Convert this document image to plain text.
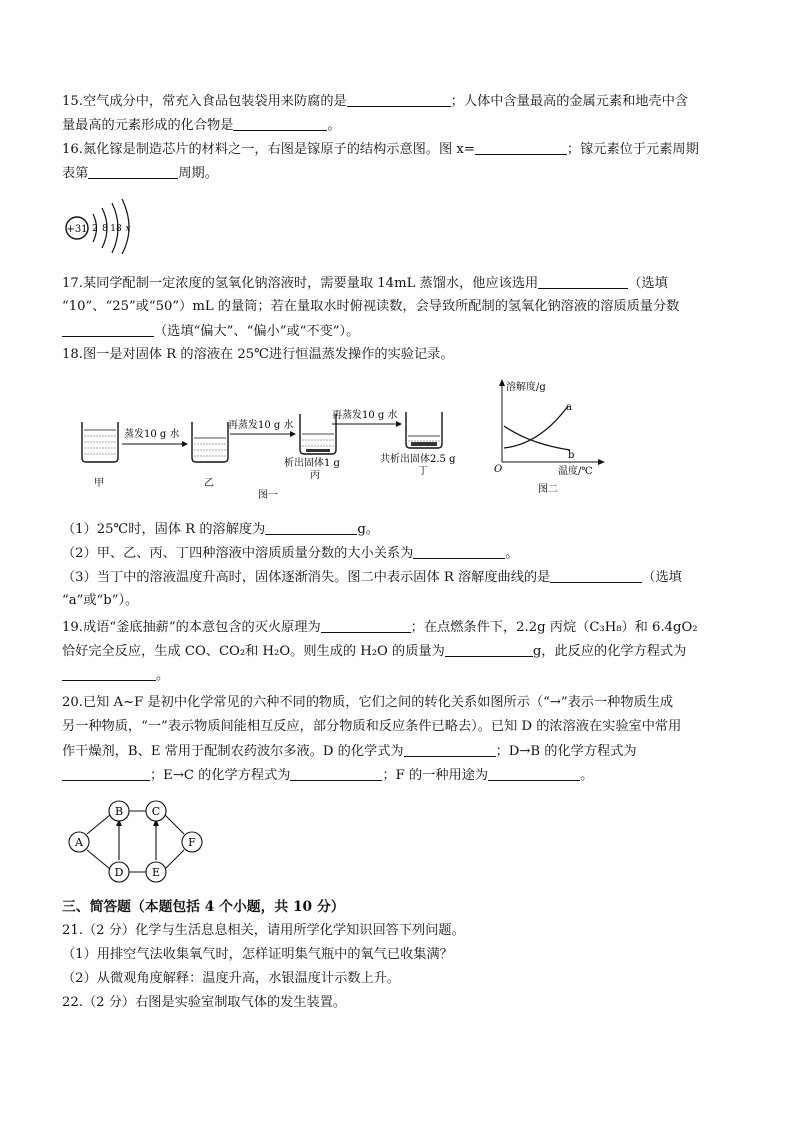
15.空气成分中，常充入食品包装袋用来防腐的是	；人体中含量最高的金属元素和地壳中含
量最高的元素形成的化合物是	。
16.氮化镓是制造芯片的材料之一，右图是镓原子的结构示意图。图 x=	；镓元素位于元素周期
表第	周期。
+31 2 8 18 x
17.某同学配制一定浓度的氢氧化钠溶液时，需要量取 14mL 蒸馏水，他应该选用	（选填
“10”、“25”或“50”）mL 的量筒；若在量取水时俯视读数，会导致所配制的氢氧化钠溶液的溶质质量分数
（选填“偏大”、“偏小”或“不变”）。
18.图一是对固体 R 的溶液在 25℃进行恒温蒸发操作的实验记录。
甲
蒸发10 g 水
乙
再蒸发10 g 水
析出固体1 g
丙
再蒸发10 g 水
共析出固体2.5 g
丁
图一
溶解度/g
温度/℃
O
a
b
图二
（1）25℃时，固体 R 的溶解度为	g。
（2）甲、乙、丙、丁四种溶液中溶质质量分数的大小关系为	。
（3）当丁中的溶液温度升高时，固体逐渐消失。图二中表示固体 R 溶解度曲线的是	（选填
“a”或“b”）。
19.成语“釜底抽薪”的本意包含的灭火原理为	；在点燃条件下，2.2g 丙烷（C₃H₈）和 6.4gO₂
恰好完全反应，生成 CO、CO₂和 H₂O。则生成的 H₂O 的质量为	g，此反应的化学方程式为
。
20.已知 A~F 是初中化学常见的六种不同的物质，它们之间的转化关系如图所示（“→”表示一种物质生成
另一种物质，“一”表示物质间能相互反应，部分物质和反应条件已略去）。已知 D 的浓溶液在实验室中常用
作干燥剂，B、E 常用于配制农药波尔多液。D 的化学式为	；D→B 的化学方程式为
；E→C 的化学方程式为	；F 的一种用途为	。
A
B	C
D	E
F
三、简答题（本题包括 4 个小题，共 10 分）
21.（2 分）化学与生活息息相关，请用所学化学知识回答下列问题。
（1）用排空气法收集氧气时，怎样证明集气瓶中的氧气已收集满？
（2）从微观角度解释：温度升高，水银温度计示数上升。
22.（2 分）右图是实验室制取气体的发生装置。
